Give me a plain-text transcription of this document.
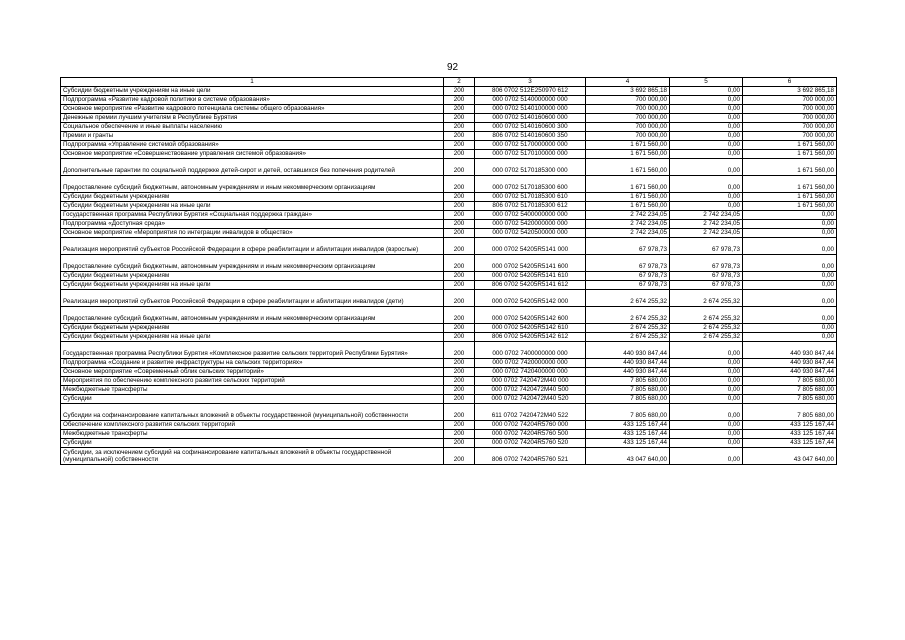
92
1	2	3	4	5	6
Субсидии бюджетным учреждениям на иные цели	200	806 0702 512E250970 612	3 692 865,18	0,00	3 692 865,18
Подпрограмма «Развитие кадровой политики в системе образования»	200	000 0702 5140000000 000	700 000,00	0,00	700 000,00
Основное мероприятие «Развитие кадрового потенциала системы общего образования»	200	000 0702 5140100000 000	700 000,00	0,00	700 000,00
Денежные премии лучшим учителям в Республике Бурятия	200	000 0702 5140160600 000	700 000,00	0,00	700 000,00
Социальное обеспечение и иные выплаты населению	200	000 0702 5140160600 300	700 000,00	0,00	700 000,00
Премии и гранты	200	806 0702 5140160600 350	700 000,00	0,00	700 000,00
Подпрограмма «Управление системой образования»	200	000 0702 5170000000 000	1 671 560,00	0,00	1 671 560,00
Основное мероприятие «Совершенствование управления системой образования»	200	000 0702 5170100000 000	1 671 560,00	0,00	1 671 560,00
Дополнительные гарантии по социальной поддержке детей-сирот и детей, оставшихся без попечения родителей	200	000 0702 5170185300 000	1 671 560,00	0,00	1 671 560,00
Предоставление субсидий бюджетным, автономным учреждениям и иным некоммерческим организациям	200	000 0702 5170185300 600	1 671 560,00	0,00	1 671 560,00
Субсидии бюджетным учреждениям	200	000 0702 5170185300 610	1 671 560,00	0,00	1 671 560,00
Субсидии бюджетным учреждениям на иные цели	200	806 0702 5170185300 612	1 671 560,00	0,00	1 671 560,00
Государственная программа Республики Бурятия «Социальная поддержка граждан»	200	000 0702 5400000000 000	2 742 234,05	2 742 234,05	0,00
Подпрограмма «Доступная среда»	200	000 0702 5420000000 000	2 742 234,05	2 742 234,05	0,00
Основное мероприятие «Мероприятия по интеграции инвалидов в общество»	200	000 0702 5420500000 000	2 742 234,05	2 742 234,05	0,00
Реализация мероприятий субъектов Российской Федерации в сфере реабилитации и абилитации инвалидов (взрослые)	200	000 0702 54205R5141 000	67 978,73	67 978,73	0,00
Предоставление субсидий бюджетным, автономным учреждениям и иным некоммерческим организациям	200	000 0702 54205R5141 600	67 978,73	67 978,73	0,00
Субсидии бюджетным учреждениям	200	000 0702 54205R5141 610	67 978,73	67 978,73	0,00
Субсидии бюджетным учреждениям на иные цели	200	806 0702 54205R5141 612	67 978,73	67 978,73	0,00
Реализация мероприятий субъектов Российской Федерации в сфере реабилитации и абилитации инвалидов (дети)	200	000 0702 54205R5142 000	2 674 255,32	2 674 255,32	0,00
Предоставление субсидий бюджетным, автономным учреждениям и иным некоммерческим организациям	200	000 0702 54205R5142 600	2 674 255,32	2 674 255,32	0,00
Субсидии бюджетным учреждениям	200	000 0702 54205R5142 610	2 674 255,32	2 674 255,32	0,00
Субсидии бюджетным учреждениям на иные цели	200	806 0702 54205R5142 612	2 674 255,32	2 674 255,32	0,00
Государственная программа Республики Бурятия «Комплексное развитие сельских территорий Республики Бурятия»	200	000 0702 7400000000 000	440 930 847,44	0,00	440 930 847,44
Подпрограмма «Создание и развитие инфраструктуры на сельских территориях»	200	000 0702 7420000000 000	440 930 847,44	0,00	440 930 847,44
Основное мероприятие «Современный облик сельских территорий»	200	000 0702 7420400000 000	440 930 847,44	0,00	440 930 847,44
Мероприятия по обеспечению комплексного развития сельских территорий	200	000 0702 7420472М40 000	7 805 680,00	0,00	7 805 680,00
Межбюджетные трансферты	200	000 0702 7420472М40 500	7 805 680,00	0,00	7 805 680,00
Субсидии	200	000 0702 7420472М40 520	7 805 680,00	0,00	7 805 680,00
Субсидии на софинансирование капитальных вложений в объекты государственной (муниципальной) собственности	200	611 0702 7420472М40 522	7 805 680,00	0,00	7 805 680,00
Обеспечение комплексного развития сельских территорий	200	000 0702 74204R5760 000	433 125 167,44	0,00	433 125 167,44
Межбюджетные трансферты	200	000 0702 74204R5760 500	433 125 167,44	0,00	433 125 167,44
Субсидии	200	000 0702 74204R5760 520	433 125 167,44	0,00	433 125 167,44
Субсидии, за исключением субсидий на софинансирование капитальных вложений в объекты государственной (муниципальной) собственности	200	806 0702 74204R5760 521	43 047 640,00	0,00	43 047 640,00
